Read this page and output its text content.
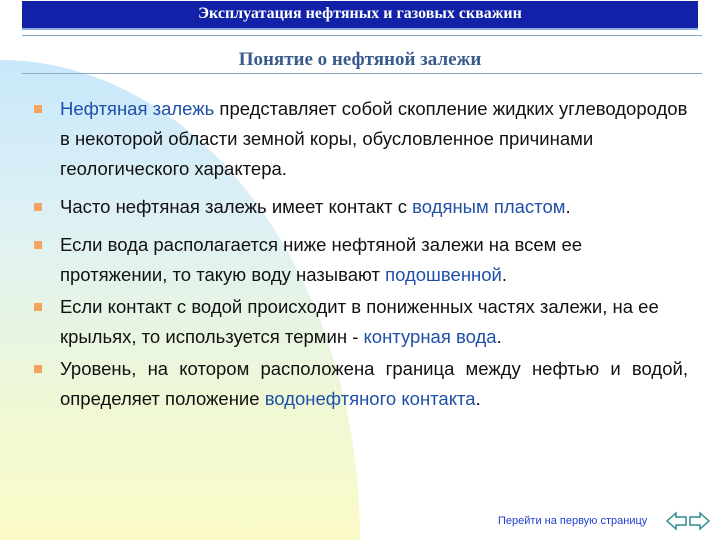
Эксплуатация нефтяных и газовых скважин
Понятие о нефтяной залежи
Нефтяная залежь представляет собой скопление жидких углеводородов в некоторой области земной коры, обусловленное причинами геологического характера.
Часто нефтяная залежь имеет контакт с водяным пластом.
Если вода располагается ниже нефтяной залежи на всем ее протяжении, то такую воду называют подошвенной.
Если контакт с водой происходит в пониженных частях залежи, на ее крыльях, то используется термин - контурная вода.
Уровень, на котором расположена граница между нефтью и водой, определяет положение водонефтяного контакта.
Перейти на первую страницу
